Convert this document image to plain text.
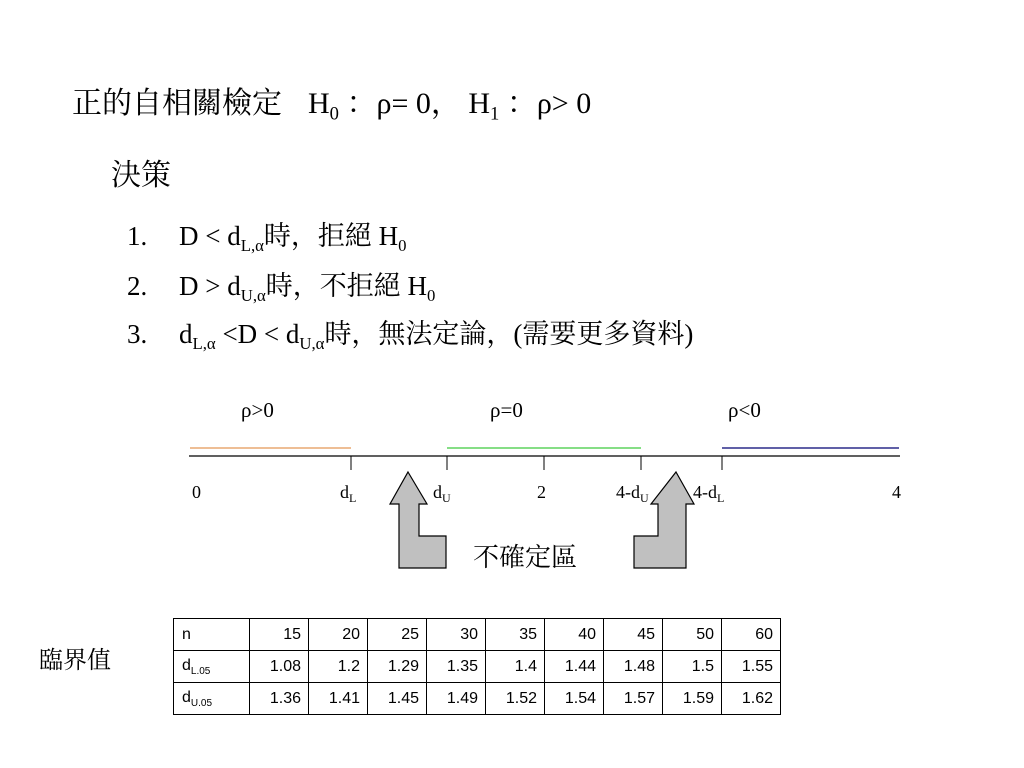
正的自相關檢定 $H_0$ ：ρ= 0， $H_1$ ：ρ> 0
決策
1. $D < d_{L,\alpha}$時，拒絕 $H_0$
2. $D > d_{U,\alpha}$時，不拒絕 $H_0$
3. $d_{L,\alpha} <D < d_{U,\alpha}$時，無法定論，(需要更多資料)
ρ>0	ρ=0	ρ<0
0	$d_L$	$d_U$	2	$4-d_U$ $4-d_L$	4
不確定區
臨界值
n	15	20	25	30	35	40	45	50	60
$d_{L.05}$	1.08	1.2	1.29	1.35	1.4	1.44	1.48	1.5	1.55
$d_{U.05}$	1.36	1.41	1.45	1.49	1.52	1.54	1.57	1.59	1.62
